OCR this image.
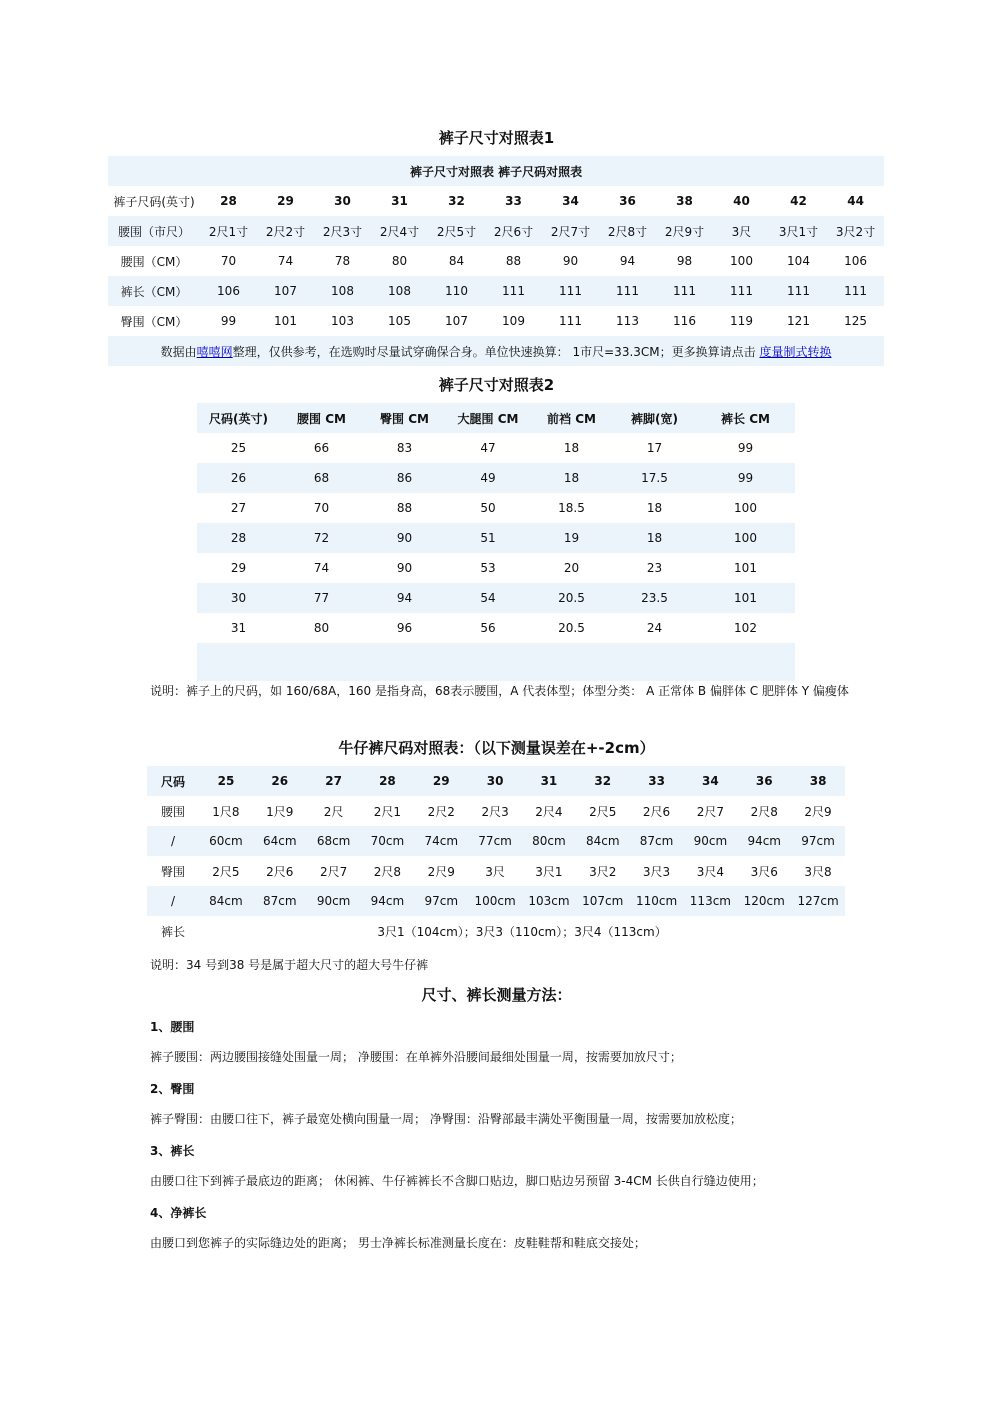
裤子尺寸对照表1
裤子尺寸对照表 裤子尺码对照表												
裤子尺码(英寸)	28	29	30	31	32	33	34	36	38	40	42	44
腰围（市尺）	2尺1寸	2尺2寸	2尺3寸	2尺4寸	2尺5寸	2尺6寸	2尺7寸	2尺8寸	2尺9寸	3尺	3尺1寸	3尺2寸
腰围（CM）	70	74	78	80	84	88	90	94	98	100	104	106
裤长（CM）	106	107	108	108	110	111	111	111	111	111	111	111
臀围（CM）	99	101	103	105	107	109	111	113	116	119	121	125
数据由嘻嘻网整理，仅供参考，在选购时尽量试穿确保合身。单位快速换算： 1市尺=33.3CM；更多换算请点击 度量制式转换												
裤子尺寸对照表2
尺码(英寸)	腰围 CM	臀围 CM	大腿围 CM	前裆 CM	裤脚(宽)	裤长 CM
25	66	83	47	18	17	99
26	68	86	49	18	17.5	99
27	70	88	50	18.5	18	100
28	72	90	51	19	18	100
29	74	90	53	20	23	101
30	77	94	54	20.5	23.5	101
31	80	96	56	20.5	24	102

说明：裤子上的尺码，如 160/68A，160 是指身高，68表示腰围，A 代表体型；体型分类： A 正常体 B 偏胖体 C 肥胖体 Y 偏瘦体
牛仔裤尺码对照表：（以下测量误差在+-2cm）
尺码	25	26	27	28	29	30	31	32	33	34	36	38
腰围	1尺8	1尺9	2尺	2尺1	2尺2	2尺3	2尺4	2尺5	2尺6	2尺7	2尺8	2尺9
/	60cm	64cm	68cm	70cm	74cm	77cm	80cm	84cm	87cm	90cm	94cm	97cm
臀围	2尺5	2尺6	2尺7	2尺8	2尺9	3尺	3尺1	3尺2	3尺3	3尺4	3尺6	3尺8
/	84cm	87cm	90cm	94cm	97cm	100cm	103cm	107cm	110cm	113cm	120cm	127cm
裤长	3尺1（104cm）；3尺3（110cm）；3尺4（113cm）											
说明：34 号到38 号是属于超大尺寸的超大号牛仔裤
尺寸、裤长测量方法：
1、腰围
裤子腰围：两边腰围接缝处围量一周； 净腰围：在单裤外沿腰间最细处围量一周，按需要加放尺寸；
2、臀围
裤子臀围：由腰口往下，裤子最宽处横向围量一周； 净臀围：沿臀部最丰满处平衡围量一周，按需要加放松度；
3、裤长
由腰口往下到裤子最底边的距离； 休闲裤、牛仔裤裤长不含脚口贴边，脚口贴边另预留 3-4CM 长供自行缝边使用；
4、净裤长
由腰口到您裤子的实际缝边处的距离； 男士净裤长标准测量长度在：皮鞋鞋帮和鞋底交接处；
